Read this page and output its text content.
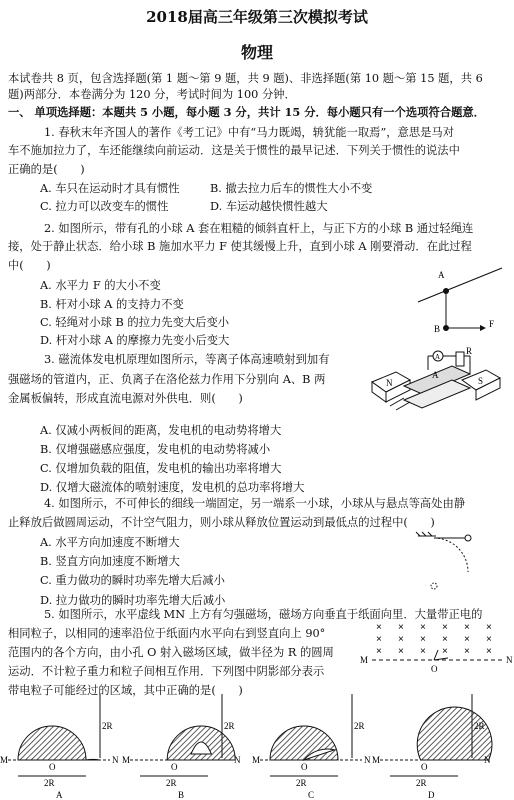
2018届高三年级第三次模拟考试
物理
本试卷共 8 页，包含选择题(第 1 题～第 9 题，共 9 题)、非选择题(第 10 题～第 15 题，共 6
题)两部分．本卷满分为 120 分，考试时间为 100 分钟．
一、 单项选择题：本题共 5 小题，每小题 3 分，共计 15 分．每小题只有一个选项符合题意．
1. 春秋末年齐国人的著作《考工记》中有“马力既竭，辀犹能一取焉”，意思是马对
车不施加拉力了，车还能继续向前运动．这是关于惯性的最早记述．下列关于惯性的说法中
正确的是(　　)
A. 车只在运动时才具有惯性	B. 撤去拉力后车的惯性大小不变
C. 拉力可以改变车的惯性	D. 车运动越快惯性越大
2. 如图所示，带有孔的小球 A 套在粗糙的倾斜直杆上，与正下方的小球 B 通过轻绳连
接，处于静止状态．给小球 B 施加水平力 F 使其缓慢上升，直到小球 A 刚要滑动．在此过程
中(　　)
A. 水平力 F 的大小不变
B. 杆对小球 A 的支持力不变
C. 轻绳对小球 B 的拉力先变大后变小
D. 杆对小球 A 的摩擦力先变小后变大
A
B	F
3. 磁流体发电机原理如图所示，等离子体高速喷射到加有
强磁场的管道内，正、负离子在洛伦兹力作用下分别向 A、B 两
金属板偏转，形成直流电源对外供电．则(　　)
A. 仅减小两板间的距离，发电机的电动势将增大
B. 仅增强磁感应强度，发电机的电动势将减小
C. 仅增加负载的阻值，发电机的输出功率将增大
D. 仅增大磁流体的喷射速度，发电机的总功率将增大
N
A
S
A
R
4. 如图所示，不可伸长的细线一端固定，另一端系一小球，小球从与悬点等高处由静
止释放后做圆周运动，不计空气阻力，则小球从释放位置运动到最低点的过程中(　　)
A. 水平方向加速度不断增大
B. 竖直方向加速度不断增大
C. 重力做功的瞬时功率先增大后减小
D. 拉力做功的瞬时功率先增大后减小
5. 如图所示，水平虚线 MN 上方有匀强磁场，磁场方向垂直于纸面向里．大量带正电的
相同粒子，以相同的速率沿位于纸面内水平向右到竖直向上 90°
范围内的各个方向，由小孔 O 射入磁场区域，做半径为 R 的圆周
运动．不计粒子重力和粒子间相互作用．下列图中阴影部分表示
带电粒子可能经过的区域，其中正确的是(　　)
× × × × × ×
× × × × × ×
× × × × × ×
M	N
O
M	N
O
2R
2R
A
M	N
O
2R
2R
B
M	N
O
2R
2R
C
M	N
O
2R
2R
D
